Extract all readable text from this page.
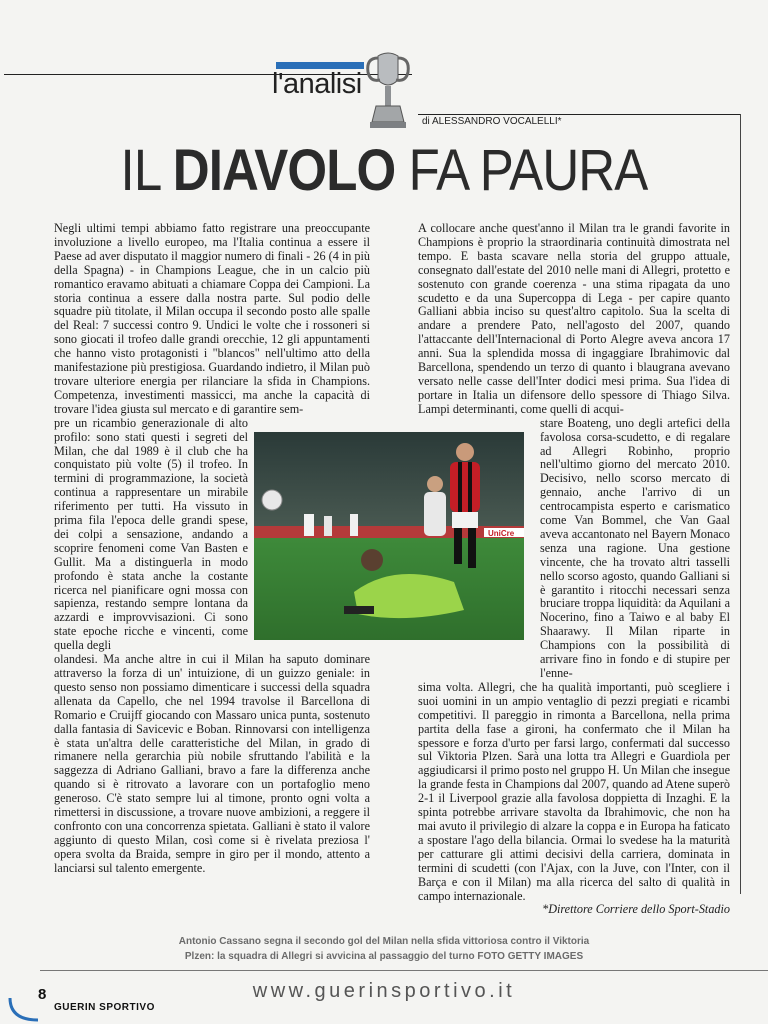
l'analisi
di ALESSANDRO VOCALELLI*
IL DIAVOLO FA PAURA

Negli ultimi tempi abbiamo fatto registrare una preoccupante involuzione a livello europeo, ma l'Italia continua a essere il Paese ad aver disputato il maggior numero di finali - 26 (4 in più della Spagna) - in Champions League, che in un calcio più romantico eravamo abituati a chiamare Coppa dei Campioni. La storia continua a essere dalla nostra parte. Sul podio delle squadre più titolate, il Milan occupa il secondo posto alle spalle del Real: 7 successi contro 9. Undici le volte che i rossoneri si sono giocati il trofeo dalle grandi orecchie, 12 gli appuntamenti che hanno visto protagonisti i "blancos" nell'ultimo atto della manifestazione più prestigiosa. Guardando indietro, il Milan può trovare ulteriore energia per rilanciare la sfida in Champions. Competenza, investimenti massicci, ma anche la capacità di trovare l'idea giusta sul mercato e di garantire sem-

pre un ricambio generazionale di alto profilo: sono stati questi i segreti del Milan, che dal 1989 è il club che ha conquistato più volte (5) il trofeo. In termini di programmazione, la società continua a rappresentare un mirabile riferimento per tutti. Ha vissuto in prima fila l'epoca delle grandi spese, dei colpi a sensazione, andando a scoprire fenomeni come Van Basten e Gullit. Ma a distinguerla in modo profondo è stata anche la costante ricerca nel pianificare ogni mossa con sapienza, restando sempre lontana da azzardi e improvvisazioni. Ci sono state epoche ricche e vincenti, come quella degli

olandesi. Ma anche altre in cui il Milan ha saputo dominare attraverso la forza di un' intuizione, di un guizzo geniale: in questo senso non possiamo dimenticare i successi della squadra allenata da Capello, che nel 1994 travolse il Barcellona di Romario e Cruijff giocando con Massaro unica punta, sostenuto dalla fantasia di Savicevic e Boban. Rinnovarsi con intelligenza è stata un'altra delle caratteristiche del Milan, in grado di rimanere nella gerarchia più nobile sfruttando l'abilità e la saggezza di Adriano Galliani, bravo a fare la differenza anche quando si è ritrovato a lavorare con un portafoglio meno generoso. C'è stato sempre lui al timone, pronto ogni volta a rimettersi in discussione, a trovare nuove ambizioni, a reggere il confronto con una concorrenza spietata. Galliani è stato il valore aggiunto di questo Milan, così come si è rivelata preziosa l' opera svolta da Braida, sempre in giro per il mondo, attento a lanciarsi sul talento emergente.

A collocare anche quest'anno il Milan tra le grandi favorite in Champions è proprio la straordinaria continuità dimostrata nel tempo. E basta scavare nella storia del gruppo attuale, consegnato dall'estate del 2010 nelle mani di Allegri, protetto e sostenuto con grande coerenza - una stima ripagata da uno scudetto e da una Supercoppa di Lega - per capire quanto Galliani abbia inciso su quest'altro capitolo. Sua la scelta di andare a prendere Pato, nell'agosto del 2007, quando l'attaccante dell'Internacional di Porto Alegre aveva ancora 17 anni. Sua la splendida mossa di ingaggiare Ibrahimovic dal Barcellona, spendendo un terzo di quanto i blaugrana avevano versato nelle casse dell'Inter dodici mesi prima. Sua l'idea di portare in Italia un difensore dello spessore di Thiago Silva. Lampi determinanti, come quelli di acqui-

stare Boateng, uno degli artefici della favolosa corsa-scudetto, e di regalare ad Allegri Robinho, proprio nell'ultimo giorno del mercato 2010. Decisivo, nello scorso mercato di gennaio, anche l'arrivo di un centrocampista esperto e carismatico come Van Bommel, che Van Gaal aveva accantonato nel Bayern Monaco senza una ragione. Una gestione vincente, che ha trovato altri tasselli nello scorso agosto, quando Galliani si è garantito i ritocchi necessari senza bruciare troppa liquidità: da Aquilani a Nocerino, fino a Taiwo e al baby El Shaarawy. Il Milan riparte in Champions con la possibilità di arrivare fino in fondo e di stupire per l'enne-

sima volta. Allegri, che ha qualità importanti, può scegliere i suoi uomini in un ampio ventaglio di pezzi pregiati e ricambi competitivi. Il pareggio in rimonta a Barcellona, nella prima partita della fase a gironi, ha confermato che il Milan ha spessore e forza d'urto per farsi largo, confermati dal successo sul Viktoria Plzen. Sarà una lotta tra Allegri e Guardiola per aggiudicarsi il primo posto nel gruppo H. Un Milan che insegue la grande festa in Champions dal 2007, quando ad Atene superò 2-1 il Liverpool grazie alla favolosa doppietta di Inzaghi. E la spinta potrebbe arrivare stavolta da Ibrahimovic, che non ha mai avuto il privilegio di alzare la coppa e in Europa ha faticato a spostare l'ago della bilancia. Ormai lo svedese ha la maturità per catturare gli attimi decisivi della carriera, dominata in termini di scudetti (con l'Ajax, con la Juve, con l'Inter, con il Barça e con il Milan) ma alla ricerca del salto di qualità in campo internazionale.

*Direttore Corriere dello Sport-Stadio
UniCre
Antonio Cassano segna il secondo gol del Milan nella sfida vittoriosa contro il Viktoria
Plzen: la squadra di Allegri si avvicina al passaggio del turno FOTO GETTY IMAGES
8
GUERIN SPORTIVO
www.guerinsportivo.it
